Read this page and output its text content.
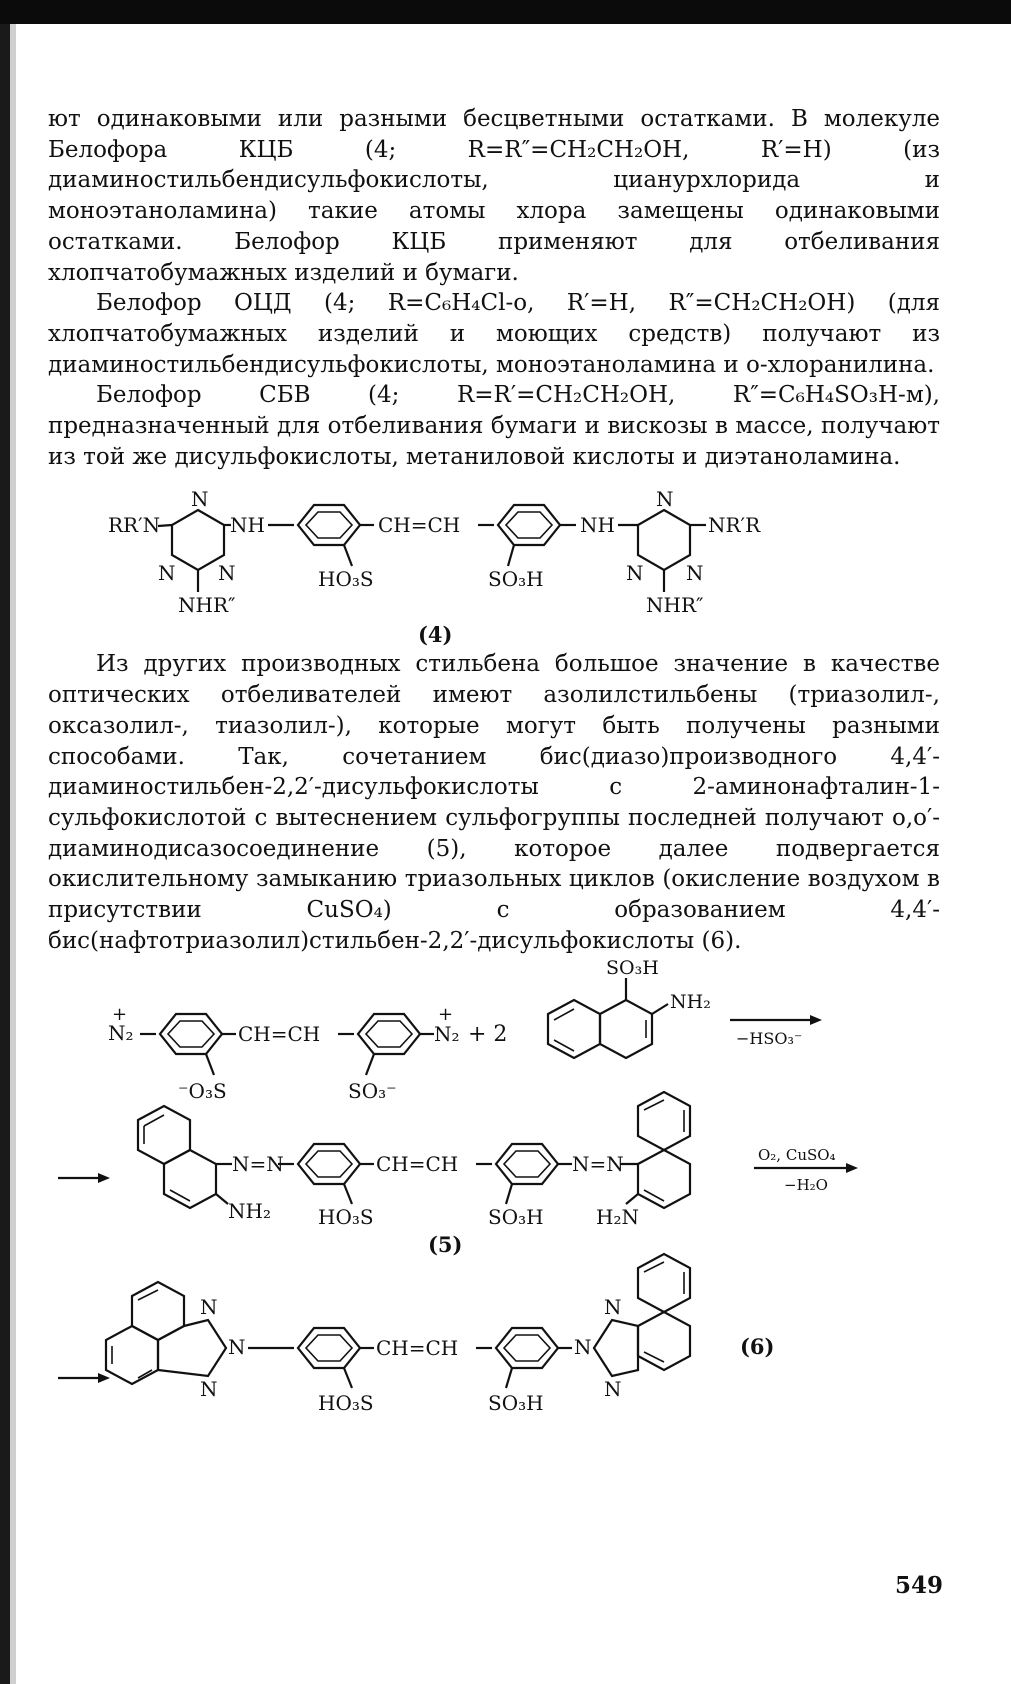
ют одинаковыми или разными бесцветными остатками. В молекуле Белофора КЦБ (4; R=R″=CH₂CH₂OH, R′=H) (из диаминостильбендисульфокислоты, цианурхлорида и моноэтаноламина) такие атомы хлора замещены одинаковыми остатками. Белофор КЦБ применяют для отбеливания хлопчатобумажных изделий и бумаги.

Белофор ОЦД (4; R=C₆H₄Cl-o, R′=H, R″=CH₂CH₂OH) (для хлопчатобумажных изделий и моющих средств) получают из диаминостильбендисульфокислоты, моноэтаноламина и o-хлоранилина.

Белофор СБВ (4; R=R′=CH₂CH₂OH, R″=C₆H₄SO₃H-м), предназначенный для отбеливания бумаги и вискозы в массе, получают из той же дисульфокислоты, метаниловой кислоты и диэтаноламина.

RR′N
N
N N
NHR″
NH
HO₃S
CH=CH
SO₃H
NH
N
N N
NHR″
NR′R
(4)

Из других производных стильбена большое значение в качестве оптических отбеливателей имеют азолилстильбены (триазолил-, оксазолил-, тиазолил-), которые могут быть получены разными способами. Так, сочетанием бис(диазо)производного 4,4′-диаминостильбен-2,2′-дисульфокислоты с 2-аминонафталин-1-сульфокислотой с вытеснением сульфогруппы последней получают o,o′-диаминодисазосоединение (5), которое далее подвергается окислительному замыканию триазольных циклов (окисление воздухом в присутствии CuSO₄) с образованием 4,4′-бис(нафтотриазолил)стильбен-2,2′-дисульфокислоты (6).

N₂
+
⁻O₃S
CH=CH
SO₃⁻
N₂
+
+ 2
SO₃H
NH₂
−HSO₃⁻
N=N
NH₂ HO₃S
CH=CH
SO₃H
N=N
H₂N
O₂, CuSO₄
−H₂O
(5)
N
N
N
HO₃S
CH=CH
SO₃H
N
N
N
(6)
549
